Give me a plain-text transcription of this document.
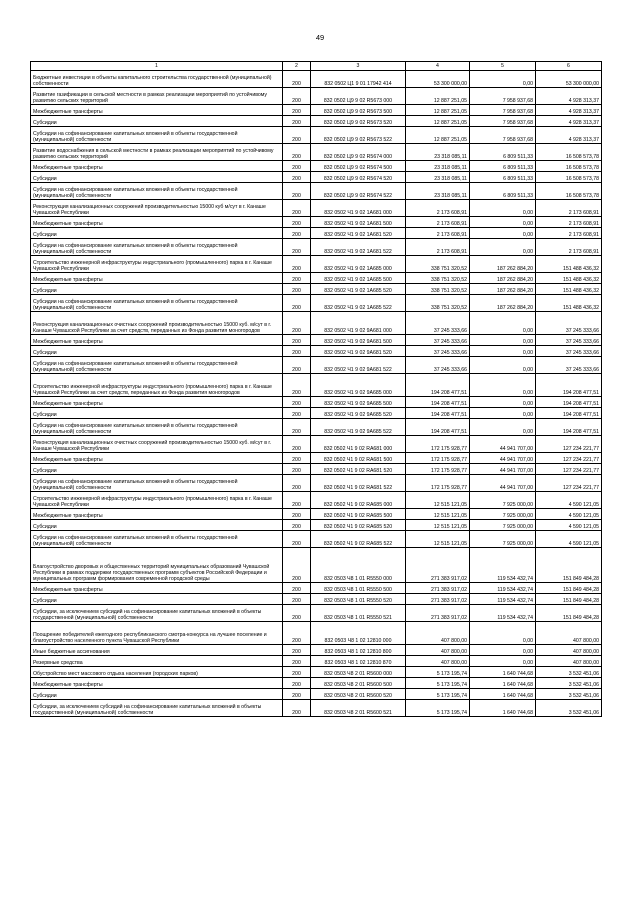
49
1	2	3	4	5	6
Бюджетные инвестиции в объекты капитального строительства государственной (муниципальной) собственности	200	832 0502 Ц1 9 01 17942 414	53 300 000,00	0,00	53 300 000,00
Развитие газификации в сельской местности в рамках реализации мероприятий по устойчивому развитию сельских территорий	200	832 0502 Ц9 9 02 R5673 000	12 887 251,05	7 958 937,68	4 928 313,37
Межбюджетные трансферты	200	832 0502 Ц9 9 02 R5673 500	12 887 251,05	7 958 937,68	4 928 313,37
Субсидии	200	832 0502 Ц9 9 02 R5673 520	12 887 251,05	7 958 937,68	4 928 313,37
Субсидии на софинансирование капитальных вложений в объекты государственной (муниципальной) собственности	200	832 0502 Ц9 9 02 R5673 522	12 887 251,05	7 958 937,68	4 928 313,37
Развитие водоснабжения в сельской местности в рамках реализации мероприятий по устойчивому развитию сельских территорий	200	832 0502 Ц9 9 02 R5674 000	23 318 085,11	6 809 511,33	16 508 573,78
Межбюджетные трансферты	200	832 0502 Ц9 9 02 R5674 500	23 318 085,11	6 809 511,33	16 508 573,78
Субсидии	200	832 0502 Ц9 9 02 R5674 520	23 318 085,11	6 809 511,33	16 508 573,78
Субсидии на софинансирование капитальных вложений в объекты государственной (муниципальной) собственности	200	832 0502 Ц9 9 02 R5674 522	23 318 085,11	6 809 511,33	16 508 573,78
Реконструкция канализационных сооружений производительностью 15000 куб м/сут в г. Канаше Чувашской Республики	200	832 0502 Ч1 9 02 1А681 000	2 173 608,91	0,00	2 173 608,91
Межбюджетные трансферты	200	832 0502 Ч1 9 02 1А681 500	2 173 608,91	0,00	2 173 608,91
Субсидии	200	832 0502 Ч1 9 02 1А681 520	2 173 608,91	0,00	2 173 608,91
Субсидии на софинансирование капитальных вложений в объекты государственной (муниципальной) собственности	200	832 0502 Ч1 9 02 1А681 522	2 173 608,91	0,00	2 173 608,91
Строительство инженерной инфраструктуры индустриального (промышленного) парка в г. Канаше Чувашской Республики	200	832 0502 Ч1 9 02 1А685 000	338 751 320,52	187 262 884,20	151 488 436,32
Межбюджетные трансферты	200	832 0502 Ч1 9 02 1А685 500	338 751 320,52	187 262 884,20	151 488 436,32
Субсидии	200	832 0502 Ч1 9 02 1А685 520	338 751 320,52	187 262 884,20	151 488 436,32
Субсидии на софинансирование капитальных вложений в объекты государственной (муниципальной) собственности	200	832 0502 Ч1 9 02 1А685 522	338 751 320,52	187 262 884,20	151 488 436,32
Реконструкция канализационных очистных сооружений производительностью 15000 куб. м/сут в г. Канаше Чувашской Республики за счет средств, переданных из Фонда развития моногородов	200	832 0502 Ч1 9 02 9А681 000	37 245 333,66	0,00	37 245 333,66
Межбюджетные трансферты	200	832 0502 Ч1 9 02 9А681 500	37 245 333,66	0,00	37 245 333,66
Субсидии	200	832 0502 Ч1 9 02 9А681 520	37 245 333,66	0,00	37 245 333,66
Субсидии на софинансирование капитальных вложений в объекты государственной (муниципальной) собственности	200	832 0502 Ч1 9 02 9А681 522	37 245 333,66	0,00	37 245 333,66
Строительство инженерной инфраструктуры индустриального (промышленного) парка в г. Канаше Чувашской Республики за счет средств, переданных из Фонда развития моногородов	200	832 0502 Ч1 9 02 9А685 000	194 208 477,51	0,00	194 208 477,51
Межбюджетные трансферты	200	832 0502 Ч1 9 02 9А685 500	194 208 477,51	0,00	194 208 477,51
Субсидии	200	832 0502 Ч1 9 02 9А685 520	194 208 477,51	0,00	194 208 477,51
Субсидии на софинансирование капитальных вложений в объекты государственной (муниципальной) собственности	200	832 0502 Ч1 9 02 9А685 522	194 208 477,51	0,00	194 208 477,51
Реконструкция канализационных очистных сооружений производительностью 15000 куб. м/сут в г. Канаше Чувашской Республики	200	832 0502 Ч1 9 02 RА681 000	172 175 928,77	44 941 707,00	127 234 221,77
Межбюджетные трансферты	200	832 0502 Ч1 9 02 RА681 500	172 175 928,77	44 941 707,00	127 234 221,77
Субсидии	200	832 0502 Ч1 9 02 RА681 520	172 175 928,77	44 941 707,00	127 234 221,77
Субсидии на софинансирование капитальных вложений в объекты государственной (муниципальной) собственности	200	832 0502 Ч1 9 02 RА681 522	172 175 928,77	44 941 707,00	127 234 221,77
Строительство инженерной инфраструктуры индустриального (промышленного) парка в г. Канаше Чувашской Республики	200	832 0502 Ч1 9 02 RА685 000	12 515 121,05	7 925 000,00	4 590 121,05
Межбюджетные трансферты	200	832 0502 Ч1 9 02 RА685 500	12 515 121,05	7 925 000,00	4 590 121,05
Субсидии	200	832 0502 Ч1 9 02 RА685 520	12 515 121,05	7 925 000,00	4 590 121,05
Субсидии на софинансирование капитальных вложений в объекты государственной (муниципальной) собственности	200	832 0502 Ч1 9 02 RА685 522	12 515 121,05	7 925 000,00	4 590 121,05
Благоустройство дворовых и общественных территорий муниципальных образований Чувашской Республики в рамках поддержки государственных программ субъектов Российской Федерации и муниципальных программ формирования современной городской среды	200	832 0503 Ч8 1 01 R5550 000	271 383 917,02	119 534 432,74	151 849 484,28
Межбюджетные трансферты	200	832 0503 Ч8 1 01 R5550 500	271 383 917,02	119 534 432,74	151 849 484,28
Субсидии	200	832 0503 Ч8 1 01 R5550 520	271 383 917,02	119 534 432,74	151 849 484,28
Субсидии, за исключением субсидий на софинансирование капитальных вложений в объекты государственной (муниципальной) собственности	200	832 0503 Ч8 1 01 R5550 521	271 383 917,02	119 534 432,74	151 849 484,28
Поощрение победителей ежегодного республиканского смотра-конкурса на лучшее поселение и благоустройство населенного пункта Чувашской Республики	200	832 0503 Ч8 1 02 12810 000	407 800,00	0,00	407 800,00
Иные бюджетные ассигнования	200	832 0503 Ч8 1 02 12810 800	407 800,00	0,00	407 800,00
Резервные средства	200	832 0503 Ч8 1 02 12810 870	407 800,00	0,00	407 800,00
Обустройство мест массового отдыха населения (городских парков)	200	832 0503 Ч8 2 01 R5600 000	5 173 195,74	1 640 744,68	3 532 451,06
Межбюджетные трансферты	200	832 0503 Ч8 2 01 R5600 500	5 173 195,74	1 640 744,68	3 532 451,06
Субсидии	200	832 0503 Ч8 2 01 R5600 520	5 173 195,74	1 640 744,68	3 532 451,06
Субсидии, за исключением субсидий на софинансирование капитальных вложений в объекты государственной (муниципальной) собственности	200	832 0503 Ч8 2 01 R5600 521	5 173 195,74	1 640 744,68	3 532 451,06
